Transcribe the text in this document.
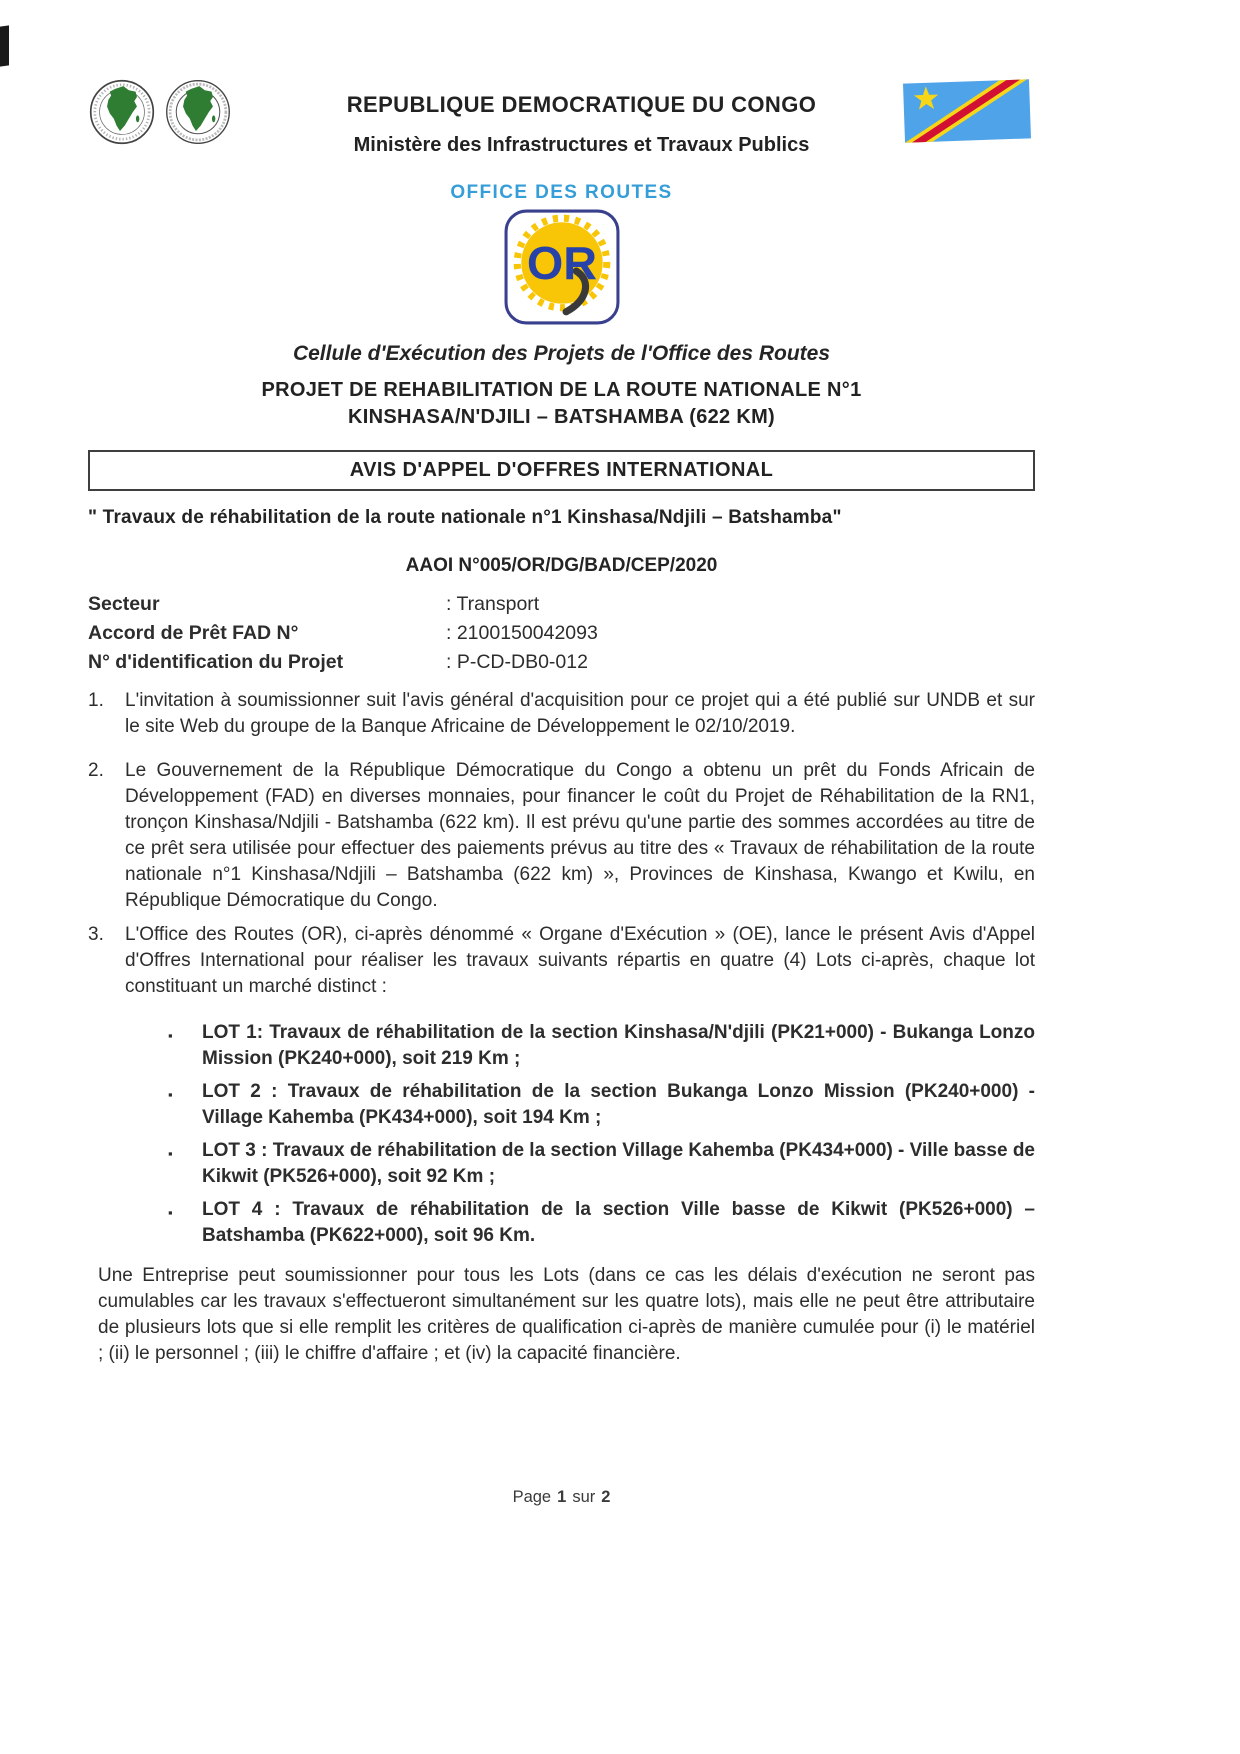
REPUBLIQUE DEMOCRATIQUE DU CONGO
Ministère des Infrastructures et Travaux Publics
OFFICE DES ROUTES
OR
Cellule d'Exécution des Projets de l'Office des Routes
PROJET DE REHABILITATION DE LA ROUTE NATIONALE N°1
KINSHASA/N'DJILI – BATSHAMBA (622 KM)
AVIS D'APPEL D'OFFRES INTERNATIONAL
" Travaux de réhabilitation de la route nationale n°1 Kinshasa/Ndjili – Batshamba"
AAOI N°005/OR/DG/BAD/CEP/2020
Secteur	: Transport
Accord de Prêt FAD N°	: 2100150042093
N° d'identification du Projet	: P-CD-DB0-012
1.	L'invitation à soumissionner suit l'avis général d'acquisition pour ce projet qui a été publié sur UNDB et sur le site Web du groupe de la Banque Africaine de Développement le 02/10/2019.
2.	Le Gouvernement de la République Démocratique du Congo a obtenu un prêt du Fonds Africain de Développement (FAD) en diverses monnaies, pour financer le coût du Projet de Réhabilitation de la RN1, tronçon Kinshasa/Ndjili - Batshamba (622 km). Il est prévu qu'une partie des sommes accordées au titre de ce prêt sera utilisée pour effectuer des paiements prévus au titre des « Travaux de réhabilitation de la route nationale n°1 Kinshasa/Ndjili – Batshamba (622 km) », Provinces de Kinshasa, Kwango et Kwilu, en République Démocratique du Congo.
3.	L'Office des Routes (OR), ci-après dénommé « Organe d'Exécution » (OE), lance le présent Avis d'Appel d'Offres International pour réaliser les travaux suivants répartis en quatre (4) Lots ci-après, chaque lot constituant un marché distinct :
▪	LOT 1: Travaux de réhabilitation de la section Kinshasa/N'djili (PK21+000) - Bukanga Lonzo Mission (PK240+000), soit 219 Km ;
▪	LOT 2 : Travaux de réhabilitation de la section Bukanga Lonzo Mission (PK240+000) - Village Kahemba (PK434+000), soit 194 Km ;
▪	LOT 3 : Travaux de réhabilitation de la section Village Kahemba (PK434+000) - Ville basse de Kikwit (PK526+000), soit 92 Km ;
▪	LOT 4 : Travaux de réhabilitation de la section Ville basse de Kikwit (PK526+000) – Batshamba (PK622+000), soit 96 Km.
Une Entreprise peut soumissionner pour tous les Lots (dans ce cas les délais d'exécution ne seront pas cumulables car les travaux s'effectueront simultanément sur les quatre lots), mais elle ne peut être attributaire de plusieurs lots que si elle remplit les critères de qualification ci-après de manière cumulée pour (i) le matériel ; (ii) le personnel ; (iii) le chiffre d'affaire ; et (iv) la capacité financière.
Page 1 sur 2
